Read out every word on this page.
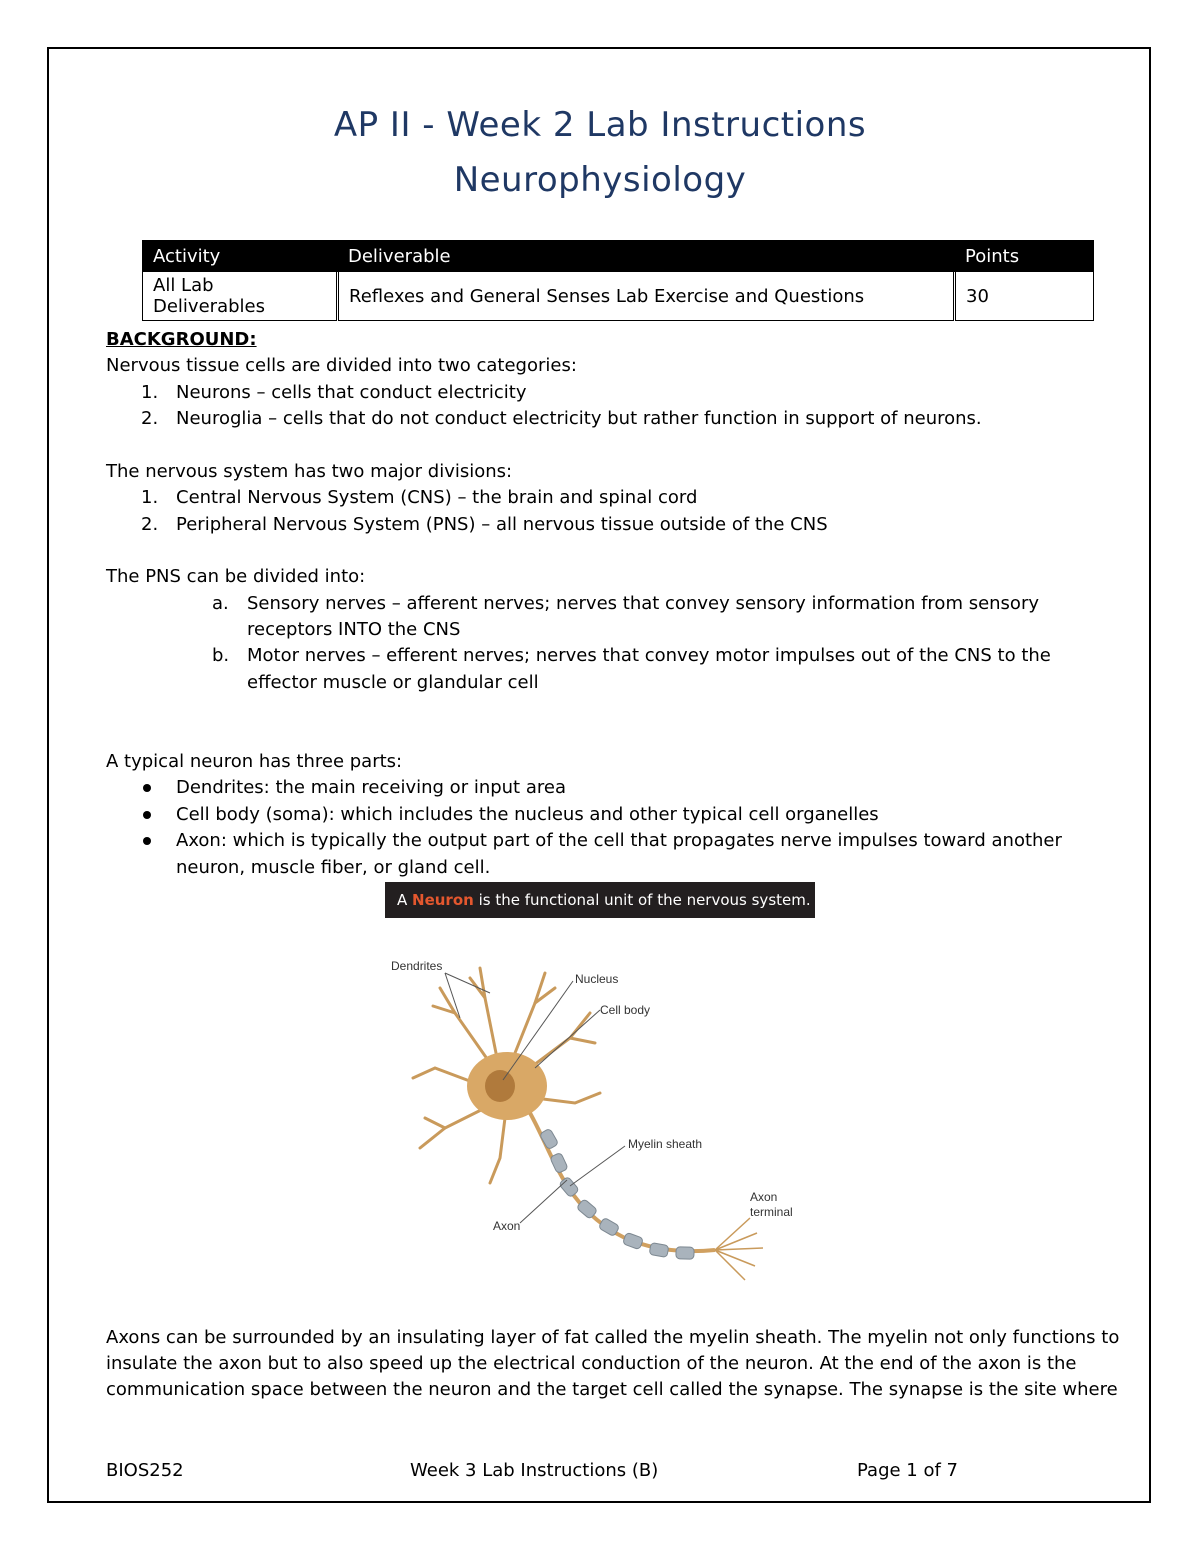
AP II - Week 2 Lab Instructions
Neurophysiology
Activity	Deliverable	Points
All Lab Deliverables	Reflexes and General Senses Lab Exercise and Questions	30
BACKGROUND:
Nervous tissue cells are divided into two categories:
1. Neurons – cells that conduct electricity
2. Neuroglia – cells that do not conduct electricity but rather function in support of neurons.
The nervous system has two major divisions:
1. Central Nervous System (CNS) – the brain and spinal cord
2. Peripheral Nervous System (PNS) – all nervous tissue outside of the CNS
The PNS can be divided into:
a. Sensory nerves – afferent nerves; nerves that convey sensory information from sensory
receptors INTO the CNS
b. Motor nerves – efferent nerves; nerves that convey motor impulses out of the CNS to the
effector muscle or glandular cell
A typical neuron has three parts:
Dendrites: the main receiving or input area
Cell body (soma): which includes the nucleus and other typical cell organelles
Axon: which is typically the output part of the cell that propagates nerve impulses toward another
neuron, muscle fiber, or gland cell.
A Neuron is the functional unit of the nervous system.
Dendrites
Nucleus
Cell body
Myelin sheath
Axon
Axon
terminal
Axons can be surrounded by an insulating layer of fat called the myelin sheath. The myelin not only functions to
insulate the axon but to also speed up the electrical conduction of the neuron. At the end of the axon is the
communication space between the neuron and the target cell called the synapse. The synapse is the site where
BIOS252	Week 3 Lab Instructions (B)	Page 1 of 7
